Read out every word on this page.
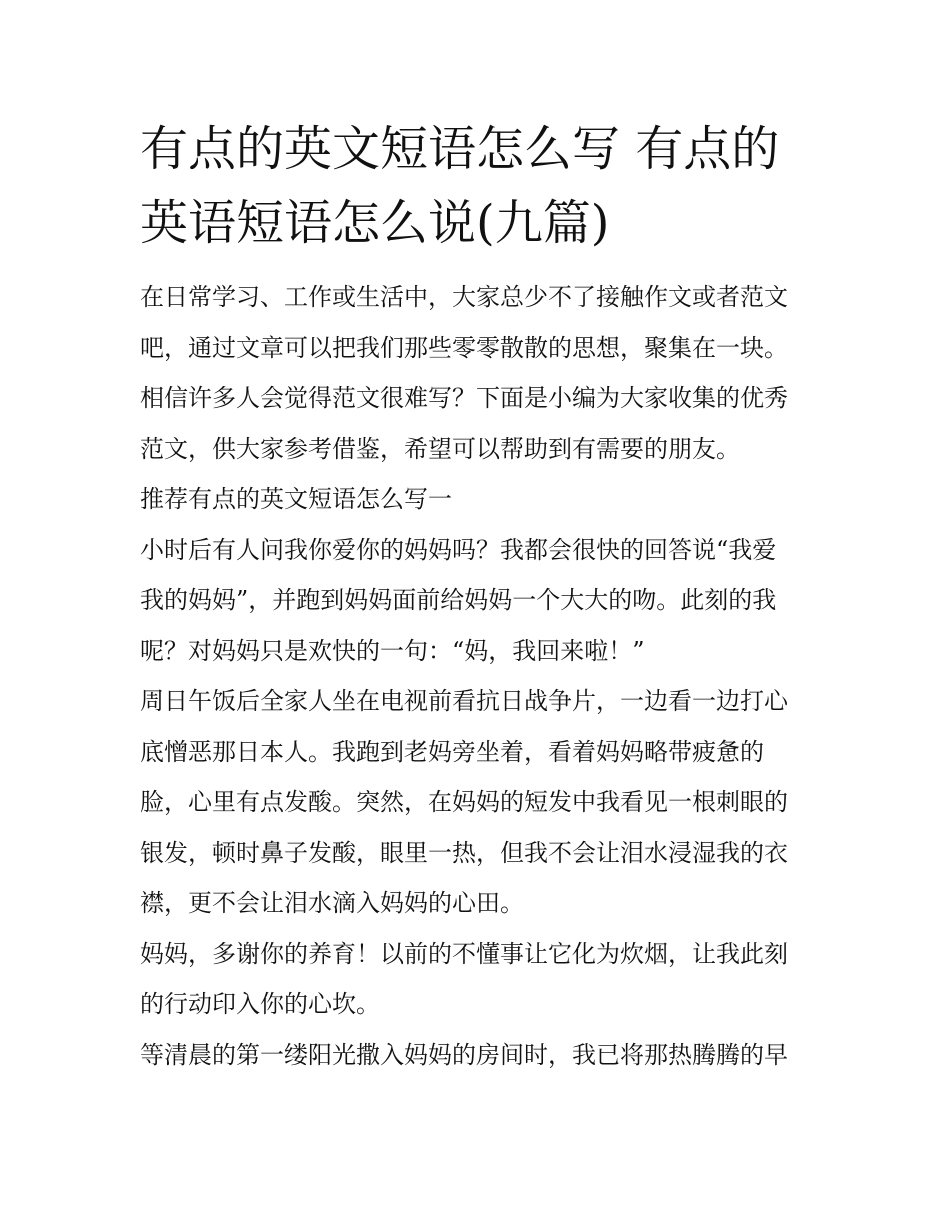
有点的英文短语怎么写 有点的
英语短语怎么说(九篇)

在日常学习、工作或生活中，大家总少不了接触作文或者范文
吧，通过文章可以把我们那些零零散散的思想，聚集在一块。
相信许多人会觉得范文很难写？下面是小编为大家收集的优秀
范文，供大家参考借鉴，希望可以帮助到有需要的朋友。

推荐有点的英文短语怎么写一

小时后有人问我你爱你的妈妈吗？我都会很快的回答说“我爱
我的妈妈”，并跑到妈妈面前给妈妈一个大大的吻。此刻的我
呢？对妈妈只是欢快的一句：“妈，我回来啦！”

周日午饭后全家人坐在电视前看抗日战争片，一边看一边打心
底憎恶那日本人。我跑到老妈旁坐着，看着妈妈略带疲惫的
脸，心里有点发酸。突然，在妈妈的短发中我看见一根刺眼的
银发，顿时鼻子发酸，眼里一热，但我不会让泪水浸湿我的衣
襟，更不会让泪水滴入妈妈的心田。

妈妈，多谢你的养育！以前的不懂事让它化为炊烟，让我此刻
的行动印入你的心坎。

等清晨的第一缕阳光撒入妈妈的房间时，我已将那热腾腾的早
